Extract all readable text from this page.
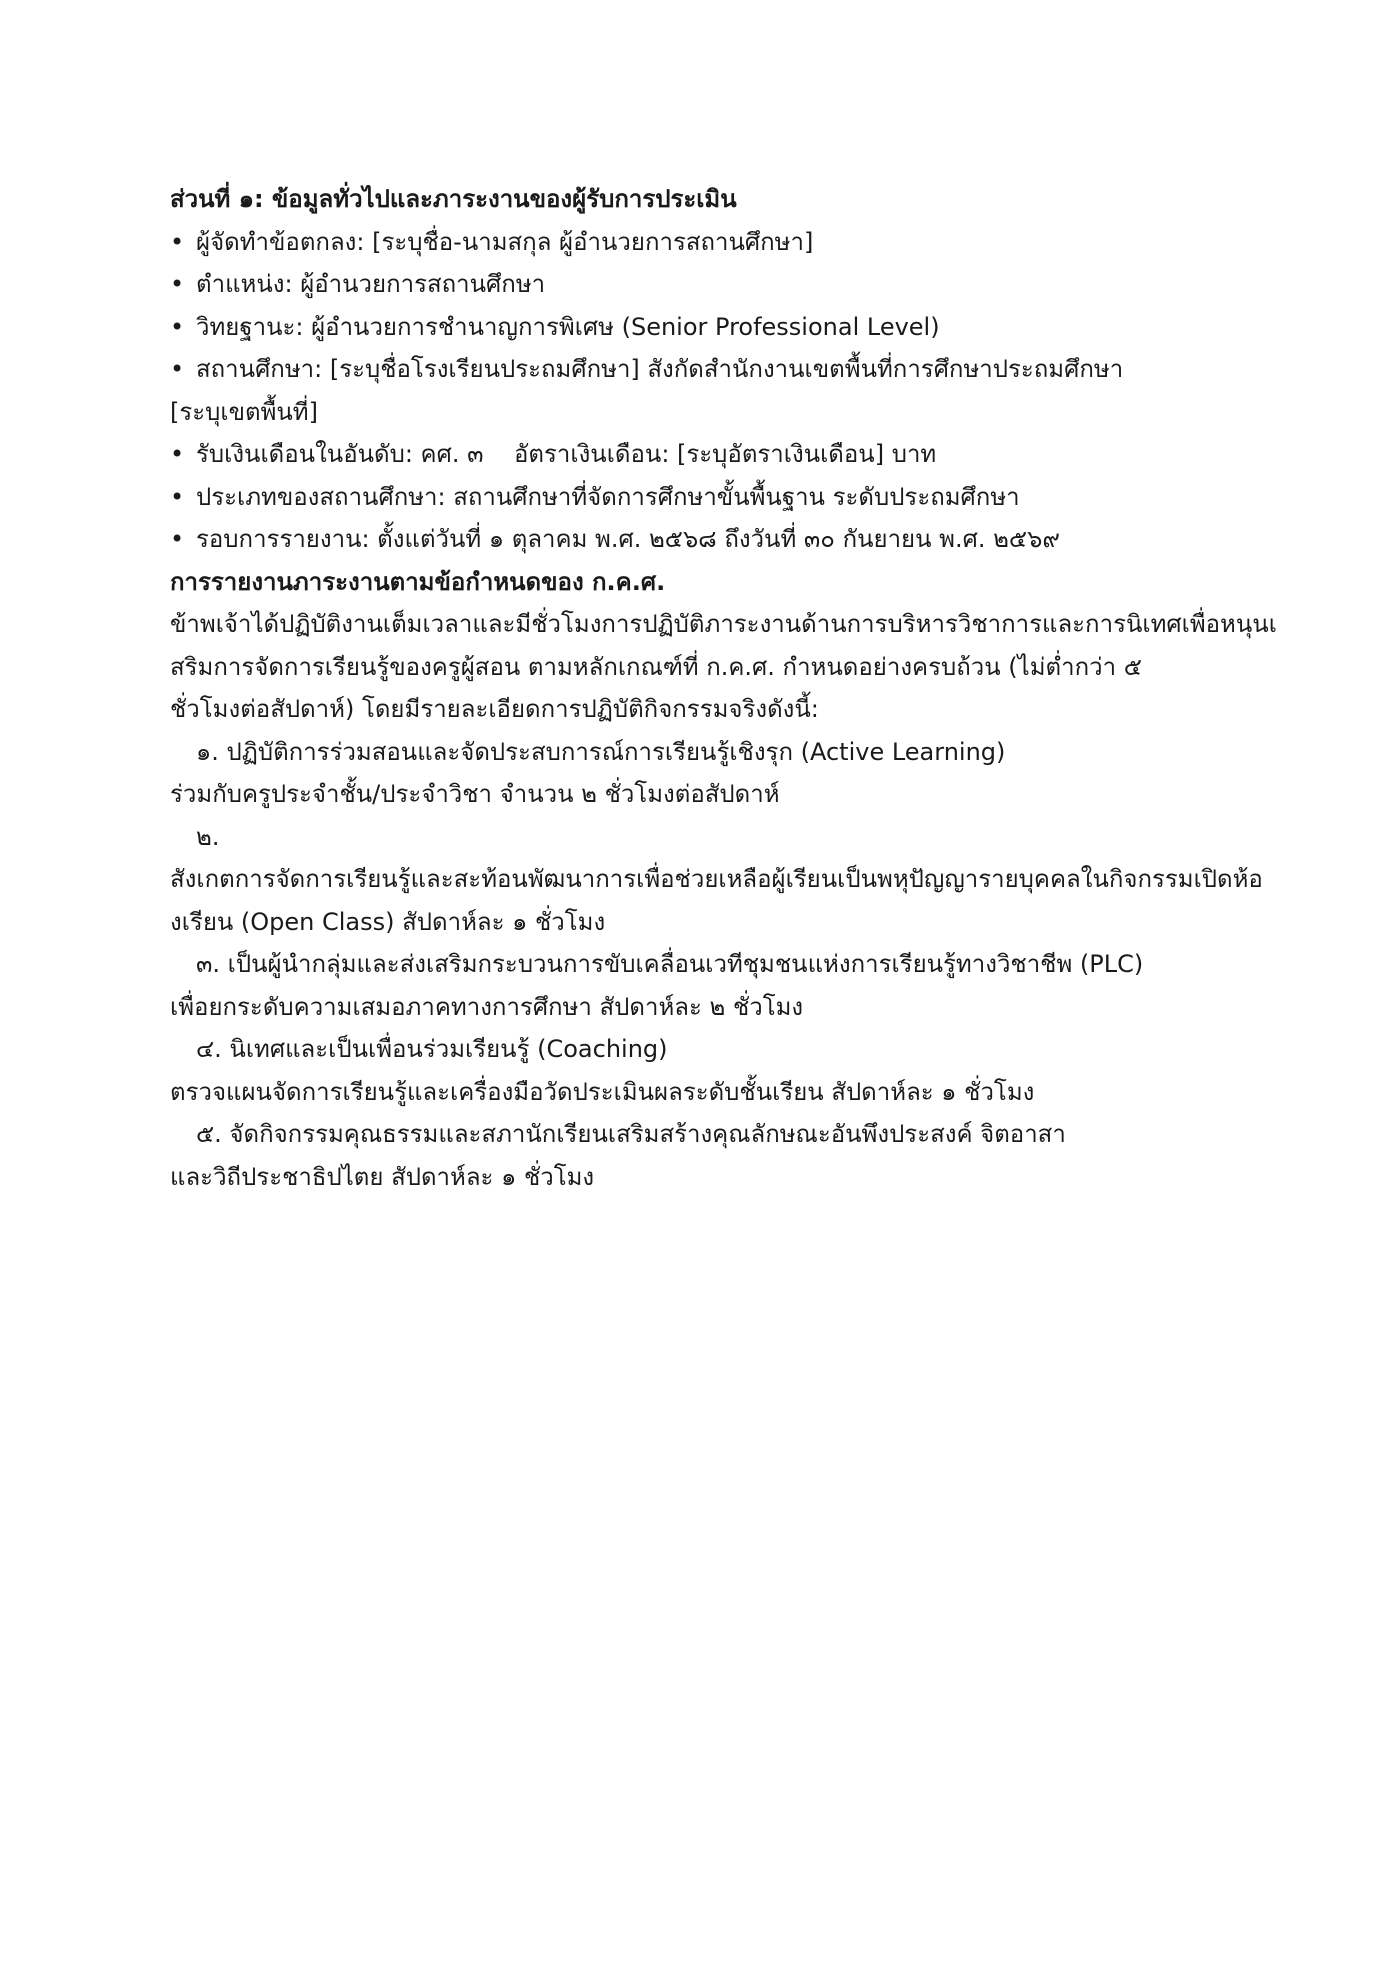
ส่วนที่ ๑: ข้อมูลทั่วไปและภาระงานของผู้รับการประเมิน
• ผู้จัดทำข้อตกลง: [ระบุชื่อ-นามสกุล ผู้อำนวยการสถานศึกษา]
• ตำแหน่ง: ผู้อำนวยการสถานศึกษา
• วิทยฐานะ: ผู้อำนวยการชำนาญการพิเศษ (Senior Professional Level)
• สถานศึกษา: [ระบุชื่อโรงเรียนประถมศึกษา] สังกัดสำนักงานเขตพื้นที่การศึกษาประถมศึกษา
[ระบุเขตพื้นที่]
• รับเงินเดือนในอันดับ: คศ. ๓    อัตราเงินเดือน: [ระบุอัตราเงินเดือน] บาท
• ประเภทของสถานศึกษา: สถานศึกษาที่จัดการศึกษาขั้นพื้นฐาน ระดับประถมศึกษา
• รอบการรายงาน: ตั้งแต่วันที่ ๑ ตุลาคม พ.ศ. ๒๕๖๘ ถึงวันที่ ๓๐ กันยายน พ.ศ. ๒๕๖๙
การรายงานภาระงานตามข้อกำหนดของ ก.ค.ศ.
ข้าพเจ้าได้ปฏิบัติงานเต็มเวลาและมีชั่วโมงการปฏิบัติภาระงานด้านการบริหารวิชาการและการนิเทศเพื่อหนุนเ
สริมการจัดการเรียนรู้ของครูผู้สอน ตามหลักเกณฑ์ที่ ก.ค.ศ. กำหนดอย่างครบถ้วน (ไม่ต่ำกว่า ๕
ชั่วโมงต่อสัปดาห์) โดยมีรายละเอียดการปฏิบัติกิจกรรมจริงดังนี้:
๑. ปฏิบัติการร่วมสอนและจัดประสบการณ์การเรียนรู้เชิงรุก (Active Learning)
ร่วมกับครูประจำชั้น/ประจำวิชา จำนวน ๒ ชั่วโมงต่อสัปดาห์
๒.
สังเกตการจัดการเรียนรู้และสะท้อนพัฒนาการเพื่อช่วยเหลือผู้เรียนเป็นพหุปัญญารายบุคคลในกิจกรรมเปิดห้อ
งเรียน (Open Class) สัปดาห์ละ ๑ ชั่วโมง
๓. เป็นผู้นำกลุ่มและส่งเสริมกระบวนการขับเคลื่อนเวทีชุมชนแห่งการเรียนรู้ทางวิชาชีพ (PLC)
เพื่อยกระดับความเสมอภาคทางการศึกษา สัปดาห์ละ ๒ ชั่วโมง
๔. นิเทศและเป็นเพื่อนร่วมเรียนรู้ (Coaching)
ตรวจแผนจัดการเรียนรู้และเครื่องมือวัดประเมินผลระดับชั้นเรียน สัปดาห์ละ ๑ ชั่วโมง
๕. จัดกิจกรรมคุณธรรมและสภานักเรียนเสริมสร้างคุณลักษณะอันพึงประสงค์ จิตอาสา
และวิถีประชาธิปไตย สัปดาห์ละ ๑ ชั่วโมง
